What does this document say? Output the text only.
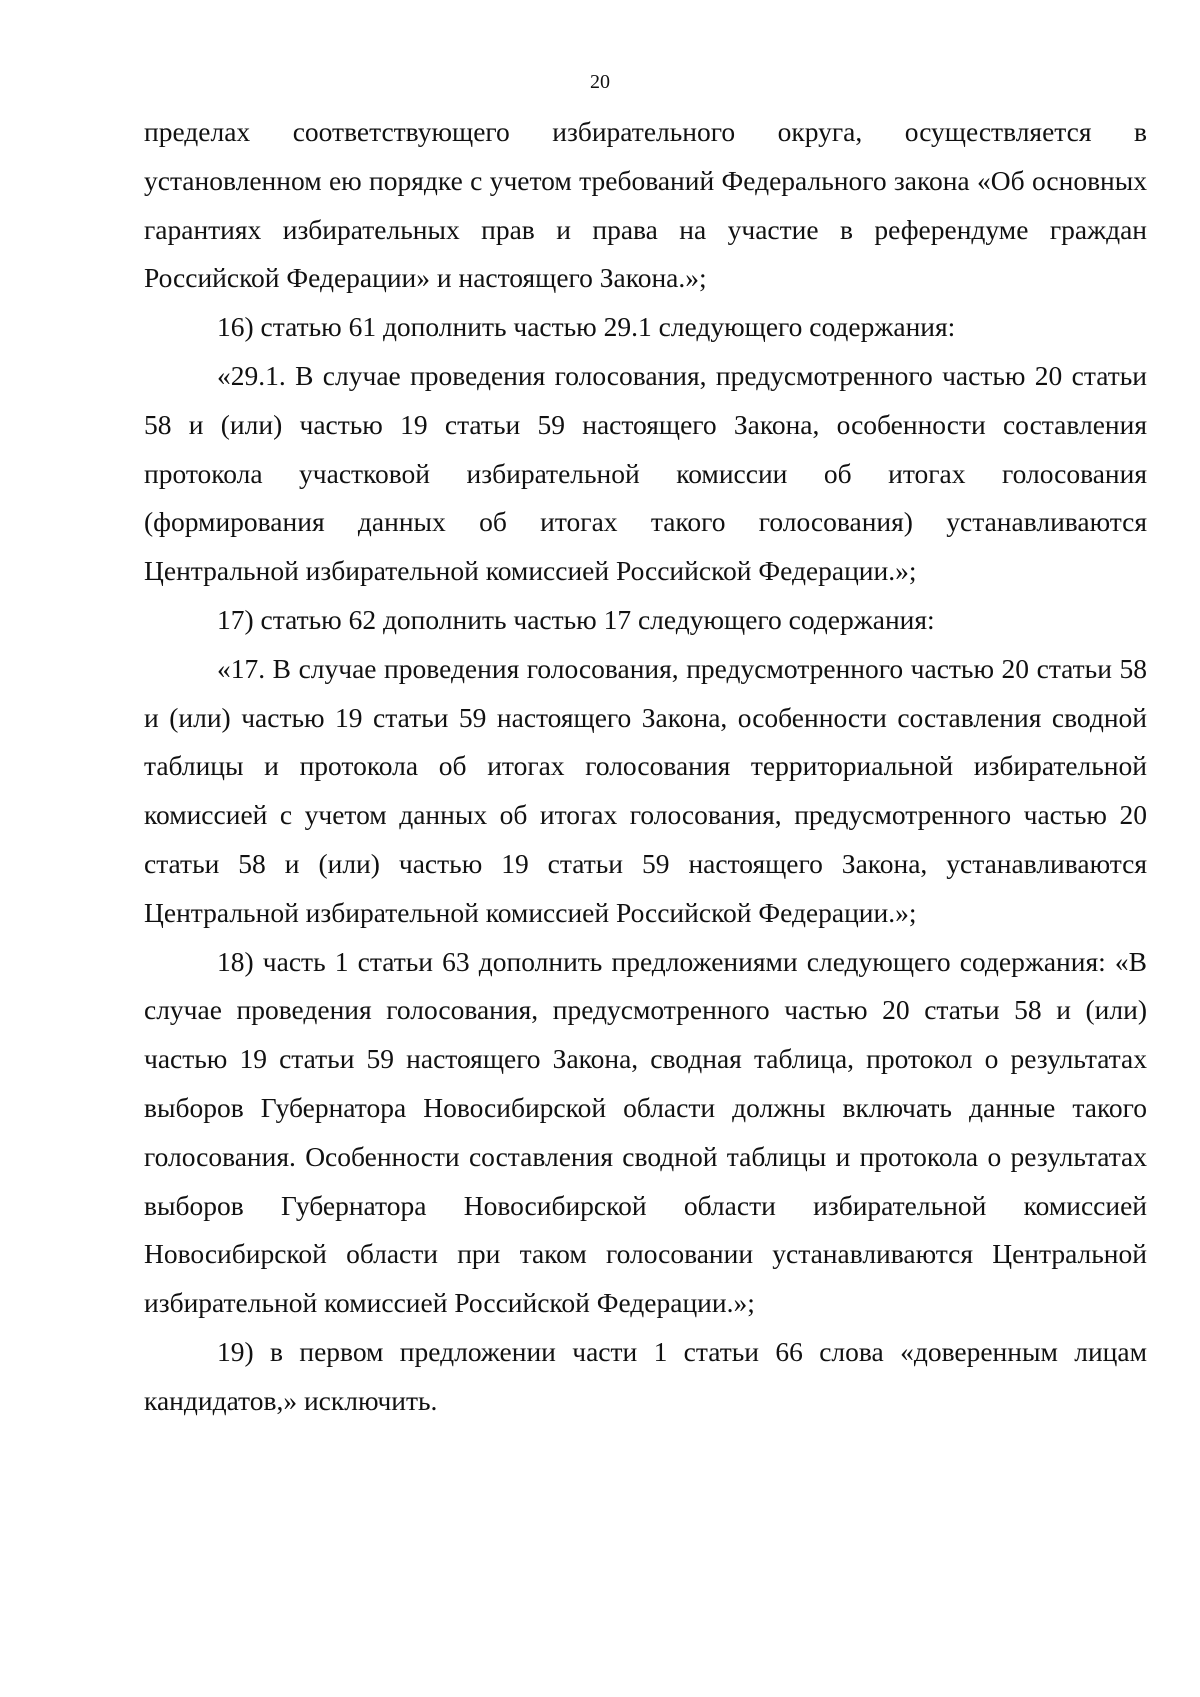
20

пределах соответствующего избирательного округа, осуществляется в установленном ею порядке с учетом требований Федерального закона «Об основных гарантиях избирательных прав и права на участие в референдуме граждан Российской Федерации» и настоящего Закона.»;

16) статью 61 дополнить частью 29.1 следующего содержания:

«29.1. В случае проведения голосования, предусмотренного частью 20 статьи 58 и (или) частью 19 статьи 59 настоящего Закона, особенности составления протокола участковой избирательной комиссии об итогах голосования (формирования данных об итогах такого голосования) устанавливаются Центральной избирательной комиссией Российской Федерации.»;

17) статью 62 дополнить частью 17 следующего содержания:

«17. В случае проведения голосования, предусмотренного частью 20 статьи 58 и (или) частью 19 статьи 59 настоящего Закона, особенности составления сводной таблицы и протокола об итогах голосования территориальной избирательной комиссией с учетом данных об итогах голосования, предусмотренного частью 20 статьи 58 и (или) частью 19 статьи 59 настоящего Закона, устанавливаются Центральной избирательной комиссией Российской Федерации.»;

18) часть 1 статьи 63 дополнить предложениями следующего содержания: «В случае проведения голосования, предусмотренного частью 20 статьи 58 и (или) частью 19 статьи 59 настоящего Закона, сводная таблица, протокол о результатах выборов Губернатора Новосибирской области должны включать данные такого голосования. Особенности составления сводной таблицы и протокола о результатах выборов Губернатора Новосибирской области избирательной комиссией Новосибирской области при таком голосовании устанавливаются Центральной избирательной комиссией Российской Федерации.»;

19) в первом предложении части 1 статьи 66 слова «доверенным лицам кандидатов,» исключить.
